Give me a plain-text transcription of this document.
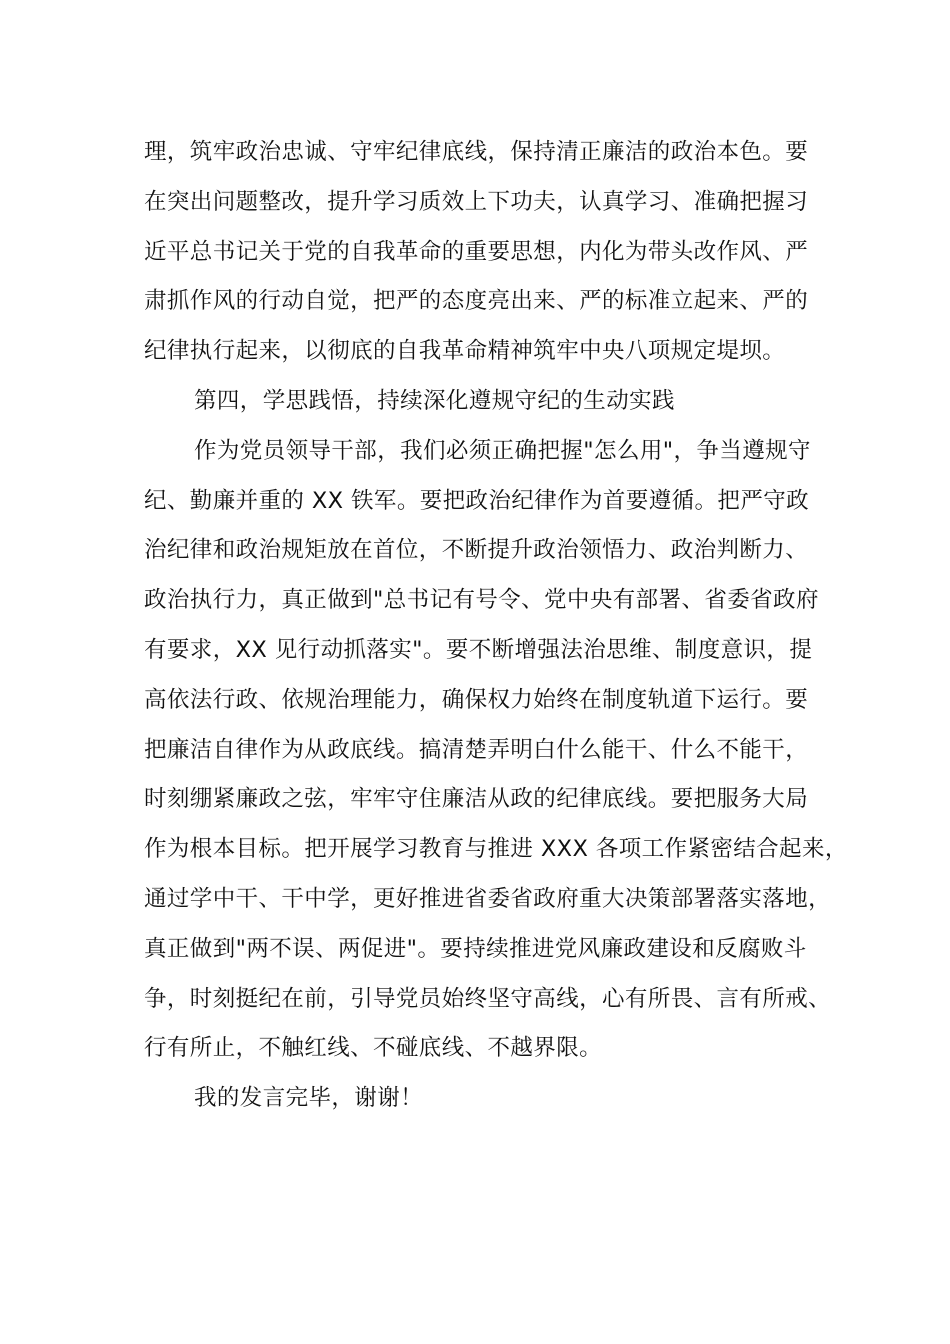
理，筑牢政治忠诚、守牢纪律底线，保持清正廉洁的政治本色。要
在突出问题整改，提升学习质效上下功夫，认真学习、准确把握习
近平总书记关于党的自我革命的重要思想，内化为带头改作风、严
肃抓作风的行动自觉，把严的态度亮出来、严的标准立起来、严的
纪律执行起来，以彻底的自我革命精神筑牢中央八项规定堤坝。
第四，学思践悟，持续深化遵规守纪的生动实践
作为党员领导干部，我们必须正确把握"怎么用"，争当遵规守
纪、勤廉并重的 XX 铁军。要把政治纪律作为首要遵循。把严守政
治纪律和政治规矩放在首位，不断提升政治领悟力、政治判断力、
政治执行力，真正做到"总书记有号令、党中央有部署、省委省政府
有要求，XX 见行动抓落实"。要不断增强法治思维、制度意识，提
高依法行政、依规治理能力，确保权力始终在制度轨道下运行。要
把廉洁自律作为从政底线。搞清楚弄明白什么能干、什么不能干，
时刻绷紧廉政之弦，牢牢守住廉洁从政的纪律底线。要把服务大局
作为根本目标。把开展学习教育与推进 XXX 各项工作紧密结合起来，
通过学中干、干中学，更好推进省委省政府重大决策部署落实落地，
真正做到"两不误、两促进"。要持续推进党风廉政建设和反腐败斗
争，时刻挺纪在前，引导党员始终坚守高线，心有所畏、言有所戒、
行有所止，不触红线、不碰底线、不越界限。
我的发言完毕，谢谢！
